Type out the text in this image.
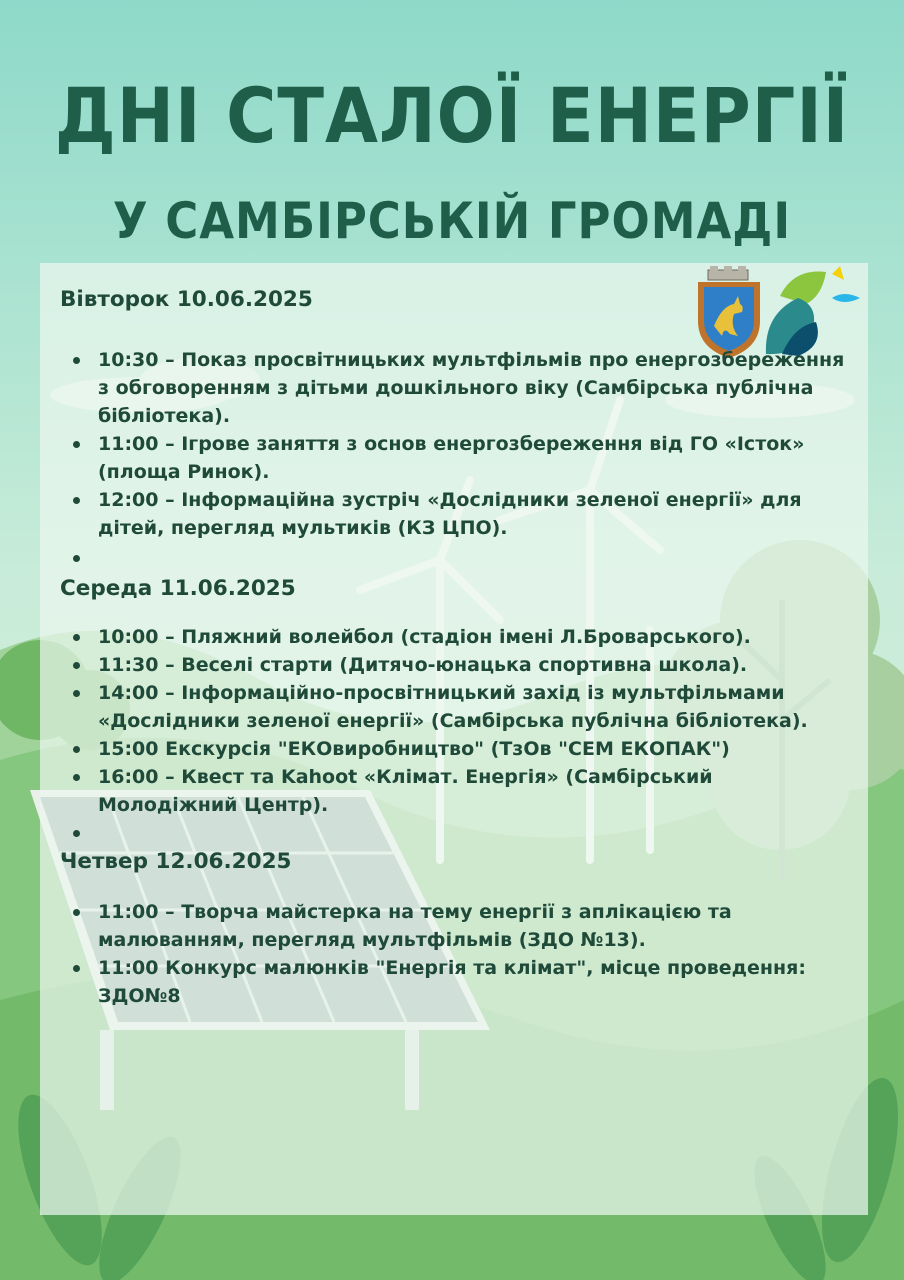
ДНІ СТАЛОЇ ЕНЕРГІЇ
У САМБІРСЬКІЙ ГРОМАДІ

Вівторок 10.06.2025

10:30 – Показ просвітницьких мультфільмів про енергозбереження з обговоренням з дітьми дошкільного віку (Самбірська публічна бібліотека).
11:00 – Ігрове заняття з основ енергозбереження від ГО «Істок» (площа Ринок).
12:00 – Інформаційна зустріч «Дослідники зеленої енергії» для дітей, перегляд мультиків (КЗ ЦПО).

Середа 11.06.2025

10:00 – Пляжний волейбол (стадіон імені Л.Броварського).
11:30 – Веселі старти (Дитячо-юнацька спортивна школа).
14:00 – Інформаційно-просвітницький захід із мультфільмами «Дослідники зеленої енергії» (Самбірська публічна бібліотека).
15:00 Екскурсія "ЕКОвиробництво" (ТзОв "СЕМ ЕКОПАК")
16:00 – Квест та Kahoot «Клімат. Енергія» (Самбірський Молодіжний Центр).

Четвер 12.06.2025

11:00 – Творча майстерка на тему енергії з аплікацією та малюванням, перегляд мультфільмів (ЗДО №13).
11:00 Конкурс малюнків "Енергія та клімат", місце проведення: ЗДО№8
